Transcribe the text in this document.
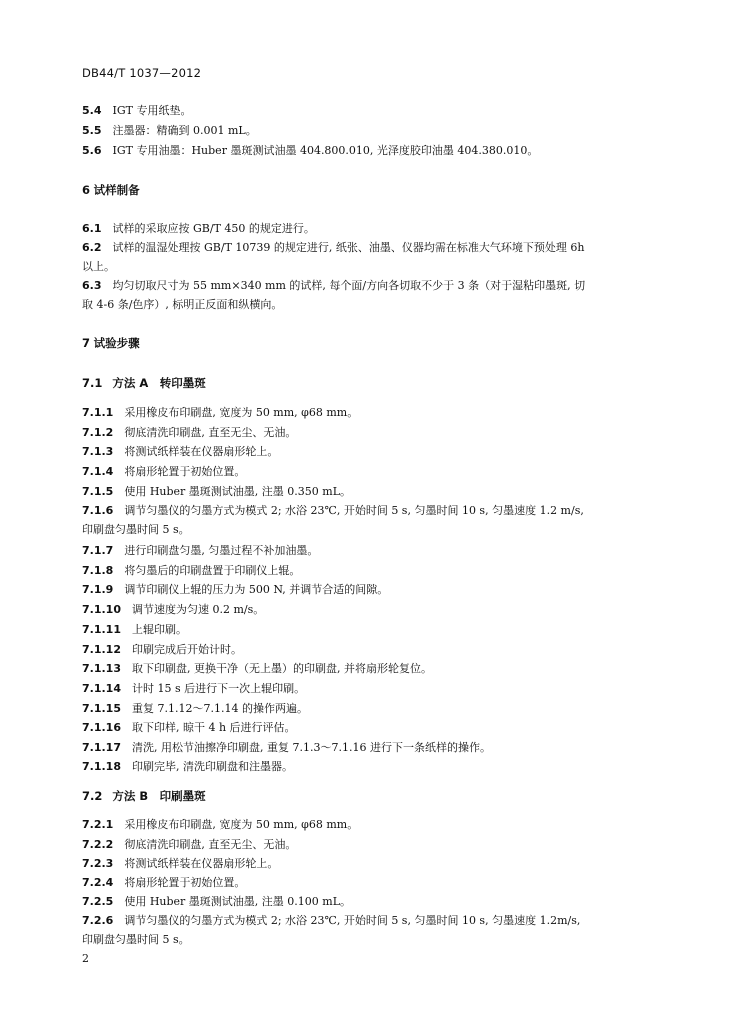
DB44/T 1037—2012
5.4　 IGT 专用纸垫。
5.5　 注墨器：精确到 0.001 mL。
5.6　 IGT 专用油墨：Huber 墨斑测试油墨 404.800.010, 光泽度胶印油墨 404.380.010。
6 试样制备
6.1　 试样的采取应按 GB/T 450 的规定进行。
6.2　 试样的温湿处理按 GB/T 10739 的规定进行, 纸张、油墨、仪器均需在标准大气环境下预处理 6h
以上。
6.3　 均匀切取尺寸为 55 mm×340 mm 的试样, 每个面/方向各切取不少于 3 条（对于湿粘印墨斑, 切
取 4-6 条/色序）, 标明正反面和纵横向。
7 试验步骤
7.1 方法 A　转印墨斑
7.1.1　 采用橡皮布印刷盘, 宽度为 50 mm, φ68 mm。
7.1.2　 彻底清洗印刷盘, 直至无尘、无油。
7.1.3　 将测试纸样装在仪器扇形轮上。
7.1.4　 将扇形轮置于初始位置。
7.1.5　 使用 Huber 墨斑测试油墨, 注墨 0.350 mL。
7.1.6　 调节匀墨仪的匀墨方式为模式 2; 水浴 23℃, 开始时间 5 s, 匀墨时间 10 s, 匀墨速度 1.2 m/s,
印刷盘匀墨时间 5 s。
7.1.7　 进行印刷盘匀墨, 匀墨过程不补加油墨。
7.1.8　 将匀墨后的印刷盘置于印刷仪上辊。
7.1.9　 调节印刷仪上辊的压力为 500 N, 并调节合适的间隙。
7.1.10　 调节速度为匀速 0.2 m/s。
7.1.11　 上辊印刷。
7.1.12　 印刷完成后开始计时。
7.1.13　 取下印刷盘, 更换干净（无上墨）的印刷盘, 并将扇形轮复位。
7.1.14　 计时 15 s 后进行下一次上辊印刷。
7.1.15　 重复 7.1.12～7.1.14 的操作两遍。
7.1.16　 取下印样, 晾干 4 h 后进行评估。
7.1.17　 清洗, 用松节油擦净印刷盘, 重复 7.1.3～7.1.16 进行下一条纸样的操作。
7.1.18　 印刷完毕, 清洗印刷盘和注墨器。
7.2 方法 B　印刷墨斑
7.2.1　 采用橡皮布印刷盘, 宽度为 50 mm, φ68 mm。
7.2.2　 彻底清洗印刷盘, 直至无尘、无油。
7.2.3　 将测试纸样装在仪器扇形轮上。
7.2.4　 将扇形轮置于初始位置。
7.2.5　 使用 Huber 墨斑测试油墨, 注墨 0.100 mL。
7.2.6　 调节匀墨仪的匀墨方式为模式 2; 水浴 23℃, 开始时间 5 s, 匀墨时间 10 s, 匀墨速度 1.2m/s,
印刷盘匀墨时间 5 s。
2
